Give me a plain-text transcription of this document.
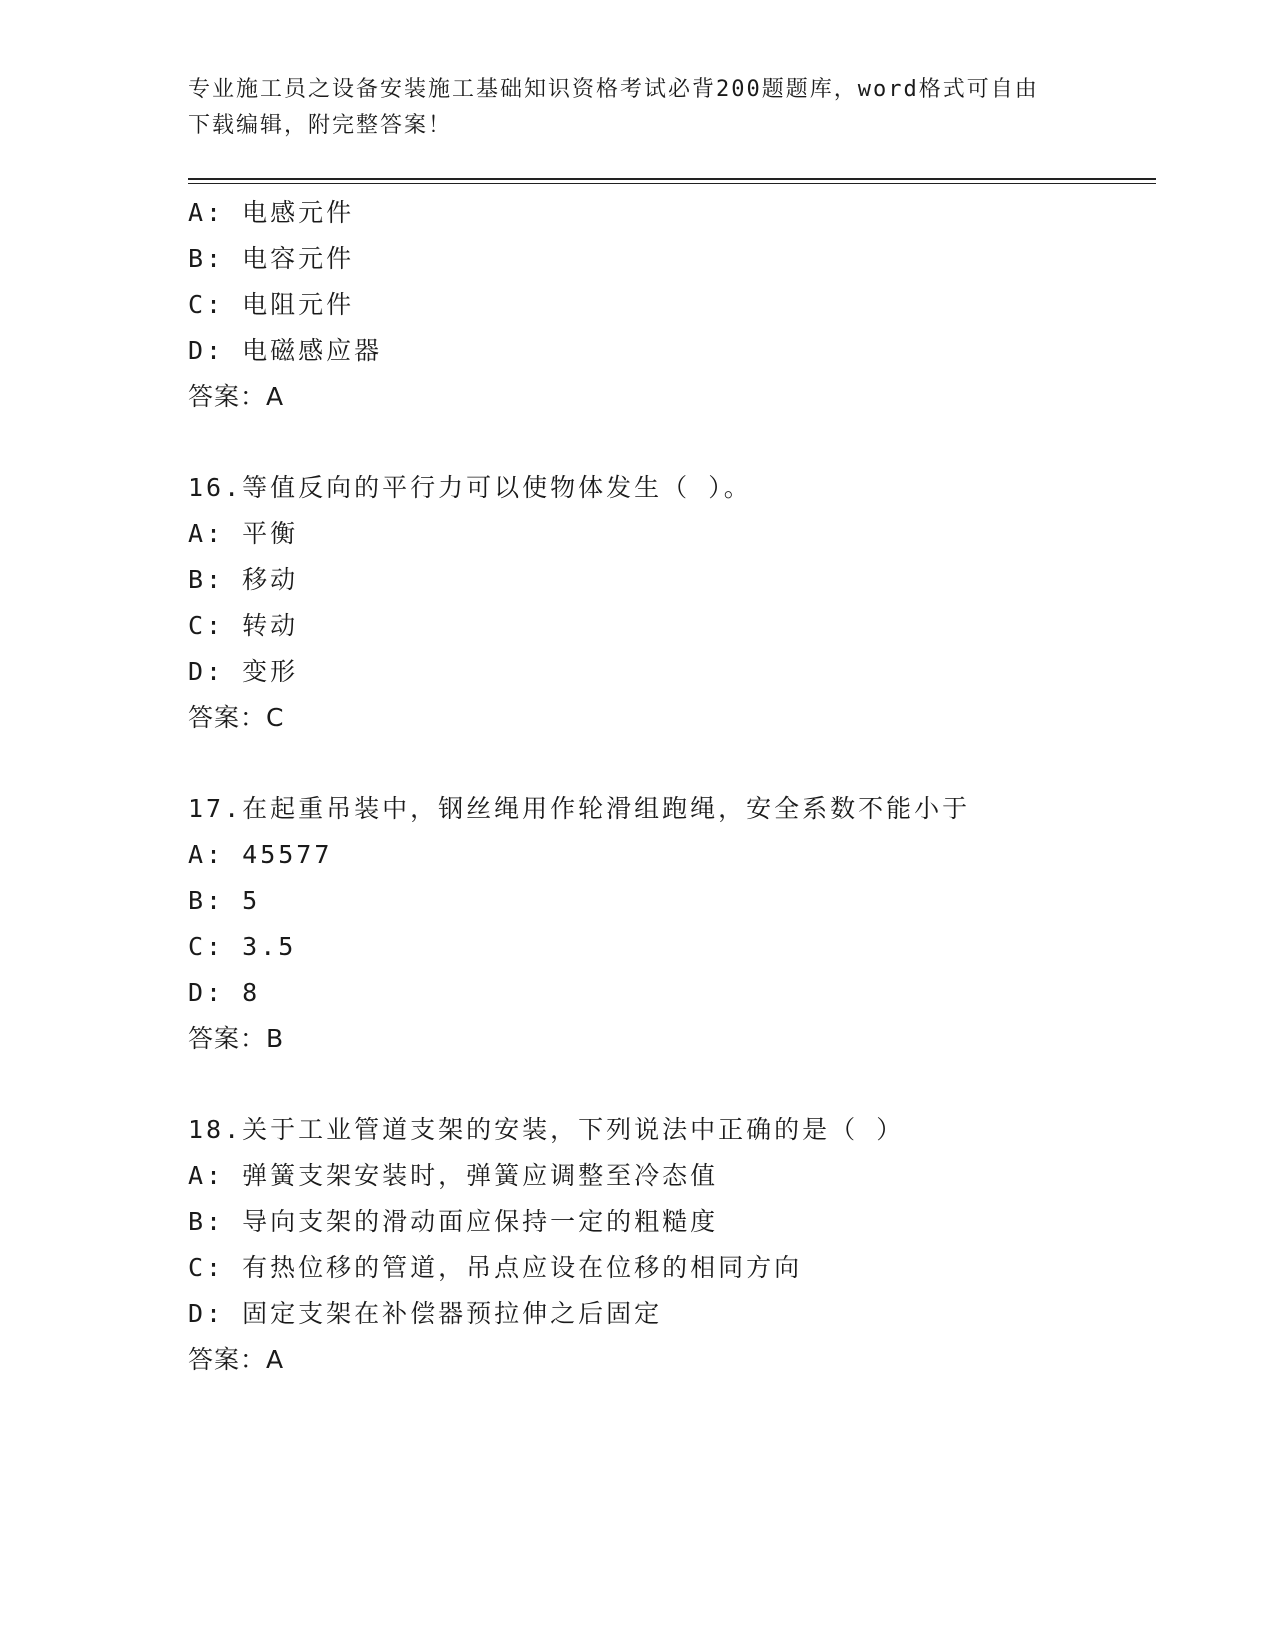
专业施工员之设备安装施工基础知识资格考试必背200题题库，word格式可自由
下载编辑，附完整答案！
A: 电感元件
B: 电容元件
C: 电阻元件
D: 电磁感应器
答案：A
16.等值反向的平行力可以使物体发生（ ）。
A: 平衡
B: 移动
C: 转动
D: 变形
答案：C
17.在起重吊装中，钢丝绳用作轮滑组跑绳，安全系数不能小于
A: 45577
B: 5
C: 3.5
D: 8
答案：B
18.关于工业管道支架的安装，下列说法中正确的是（ ）
A: 弹簧支架安装时，弹簧应调整至冷态值
B: 导向支架的滑动面应保持一定的粗糙度
C: 有热位移的管道，吊点应设在位移的相同方向
D: 固定支架在补偿器预拉伸之后固定
答案：A
